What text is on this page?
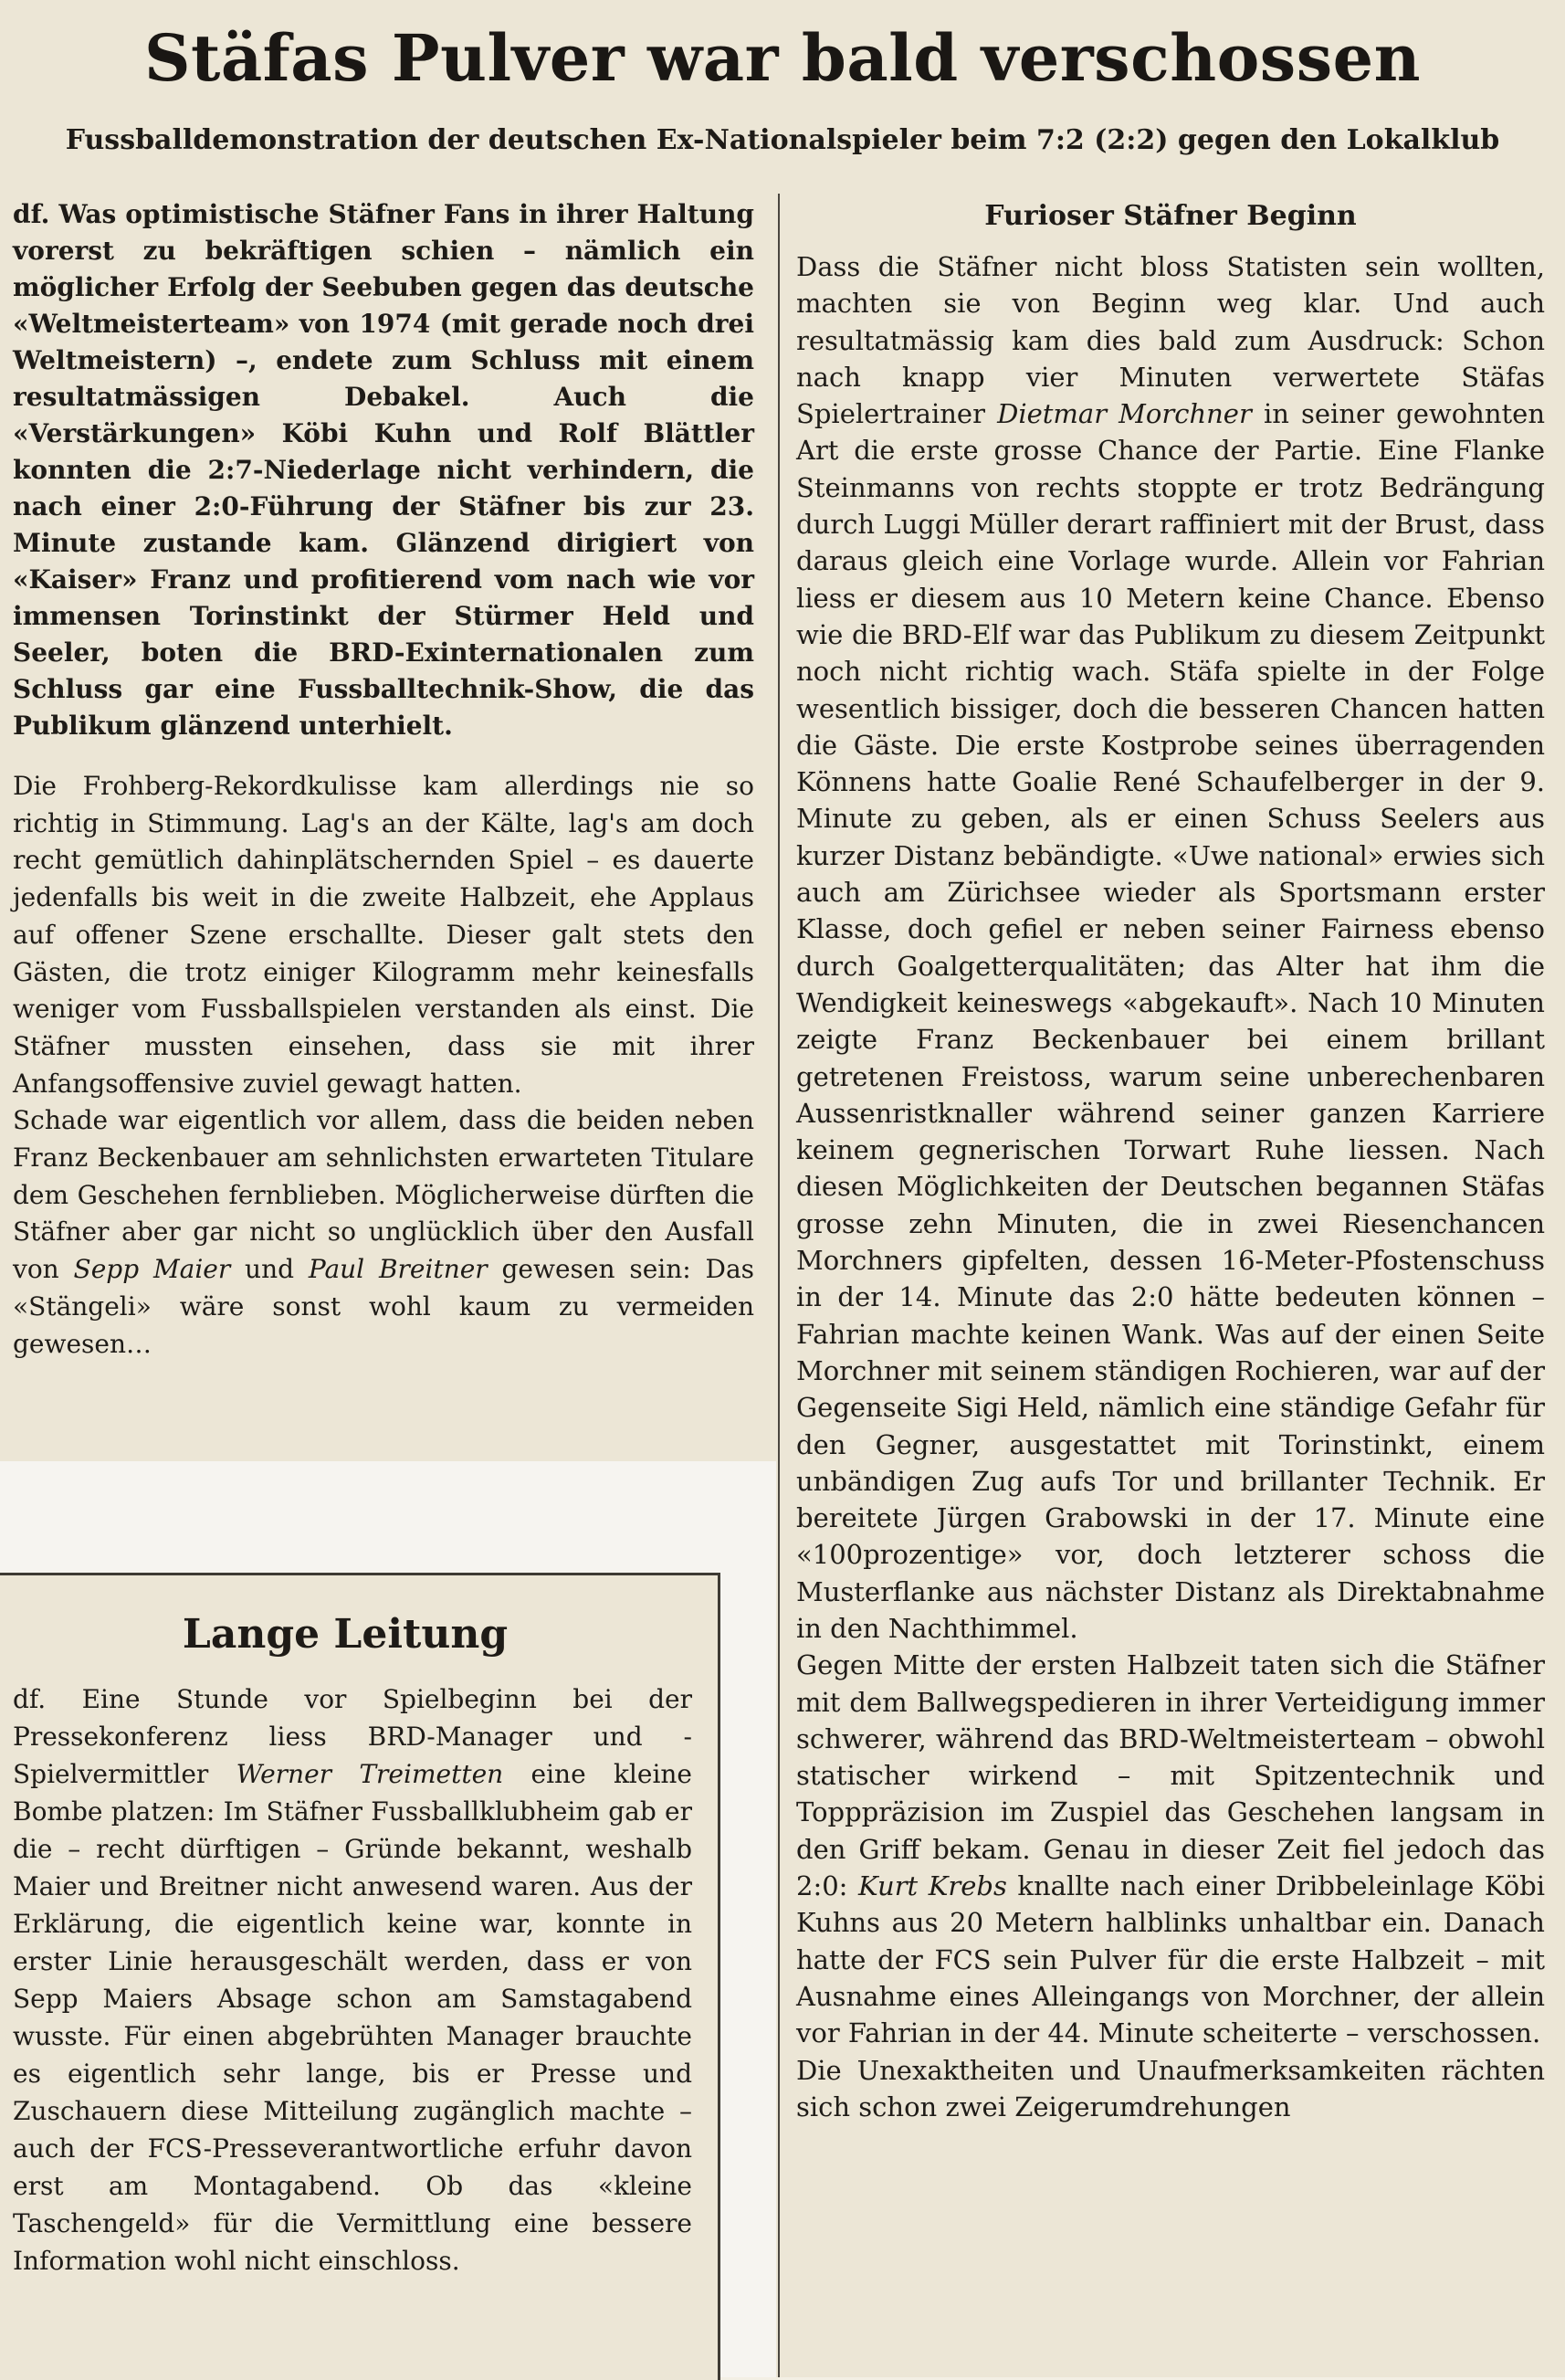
Stäfas Pulver war bald verschossen
Fussballdemonstration der deutschen Ex-Nationalspieler beim 7:2 (2:2) gegen den Lokalklub

df. Was optimistische Stäfner Fans in ihrer Haltung vorerst zu bekräftigen schien – nämlich ein möglicher Erfolg der Seebuben gegen das deutsche «Weltmeisterteam» von 1974 (mit gerade noch drei Weltmeistern) –, endete zum Schluss mit einem resultatmässigen Debakel. Auch die «Verstärkungen» Köbi Kuhn und Rolf Blättler konnten die 2:7-Niederlage nicht verhindern, die nach einer 2:0-Führung der Stäfner bis zur 23. Minute zustande kam. Glänzend dirigiert von «Kaiser» Franz und profitierend vom nach wie vor immensen Torinstinkt der Stürmer Held und Seeler, boten die BRD-Exinternationalen zum Schluss gar eine Fussballtechnik-Show, die das Publikum glänzend unterhielt.

Die Frohberg-Rekordkulisse kam allerdings nie so richtig in Stimmung. Lag's an der Kälte, lag's am doch recht gemütlich dahinplätschernden Spiel – es dauerte jedenfalls bis weit in die zweite Halbzeit, ehe Applaus auf offener Szene erschallte. Dieser galt stets den Gästen, die trotz einiger Kilogramm mehr keinesfalls weniger vom Fussballspielen verstanden als einst. Die Stäfner mussten einsehen, dass sie mit ihrer Anfangsoffensive zuviel gewagt hatten.

Schade war eigentlich vor allem, dass die beiden neben Franz Beckenbauer am sehnlichsten erwarteten Titulare dem Geschehen fernblieben. Möglicherweise dürften die Stäfner aber gar nicht so unglücklich über den Ausfall von Sepp Maier und Paul Breitner gewesen sein: Das «Stängeli» wäre sonst wohl kaum zu vermeiden gewesen…

Furioser Stäfner Beginn

Dass die Stäfner nicht bloss Statisten sein wollten, machten sie von Beginn weg klar. Und auch resultatmässig kam dies bald zum Ausdruck: Schon nach knapp vier Minuten verwertete Stäfas Spielertrainer Dietmar Morchner in seiner gewohnten Art die erste grosse Chance der Partie. Eine Flanke Steinmanns von rechts stoppte er trotz Bedrängung durch Luggi Müller derart raffiniert mit der Brust, dass daraus gleich eine Vorlage wurde. Allein vor Fahrian liess er diesem aus 10 Metern keine Chance. Ebenso wie die BRD-Elf war das Publikum zu diesem Zeitpunkt noch nicht richtig wach. Stäfa spielte in der Folge wesentlich bissiger, doch die besseren Chancen hatten die Gäste. Die erste Kostprobe seines überragenden Könnens hatte Goalie René Schaufelberger in der 9. Minute zu geben, als er einen Schuss Seelers aus kurzer Distanz bebändigte. «Uwe national» erwies sich auch am Zürichsee wieder als Sportsmann erster Klasse, doch gefiel er neben seiner Fairness ebenso durch Goalgetterqualitäten; das Alter hat ihm die Wendigkeit keineswegs «abgekauft». Nach 10 Minuten zeigte Franz Beckenbauer bei einem brillant getretenen Freistoss, warum seine unberechenbaren Aussenristknaller während seiner ganzen Karriere keinem gegnerischen Torwart Ruhe liessen. Nach diesen Möglichkeiten der Deutschen begannen Stäfas grosse zehn Minuten, die in zwei Riesenchancen Morchners gipfelten, dessen 16-Meter-Pfostenschuss in der 14. Minute das 2:0 hätte bedeuten können – Fahrian machte keinen Wank. Was auf der einen Seite Morchner mit seinem ständigen Rochieren, war auf der Gegenseite Sigi Held, nämlich eine ständige Gefahr für den Gegner, ausgestattet mit Torinstinkt, einem unbändigen Zug aufs Tor und brillanter Technik. Er bereitete Jürgen Grabowski in der 17. Minute eine «100prozentige» vor, doch letzterer schoss die Musterflanke aus nächster Distanz als Direktabnahme in den Nachthimmel.

Gegen Mitte der ersten Halbzeit taten sich die Stäfner mit dem Ballwegspedieren in ihrer Verteidigung immer schwerer, während das BRD-Weltmeisterteam – obwohl statischer wirkend – mit Spitzentechnik und Topppräzision im Zuspiel das Geschehen langsam in den Griff bekam. Genau in dieser Zeit fiel jedoch das 2:0: Kurt Krebs knallte nach einer Dribbeleinlage Köbi Kuhns aus 20 Metern halblinks unhaltbar ein. Danach hatte der FCS sein Pulver für die erste Halbzeit – mit Ausnahme eines Alleingangs von Morchner, der allein vor Fahrian in der 44. Minute scheiterte – verschossen.

Die Unexaktheiten und Unaufmerksamkeiten rächten sich schon zwei Zeigerumdrehungen

Lange Leitung

df. Eine Stunde vor Spielbeginn bei der Pressekonferenz liess BRD-Manager und -Spielvermittler Werner Treimetten eine kleine Bombe platzen: Im Stäfner Fussballklubheim gab er die – recht dürftigen – Gründe bekannt, weshalb Maier und Breitner nicht anwesend waren. Aus der Erklärung, die eigentlich keine war, konnte in erster Linie herausgeschält werden, dass er von Sepp Maiers Absage schon am Samstagabend wusste. Für einen abgebrühten Manager brauchte es eigentlich sehr lange, bis er Presse und Zuschauern diese Mitteilung zugänglich machte – auch der FCS-Presseverantwortliche erfuhr davon erst am Montagabend. Ob das «kleine Taschengeld» für die Vermittlung eine bessere Information wohl nicht einschloss.
